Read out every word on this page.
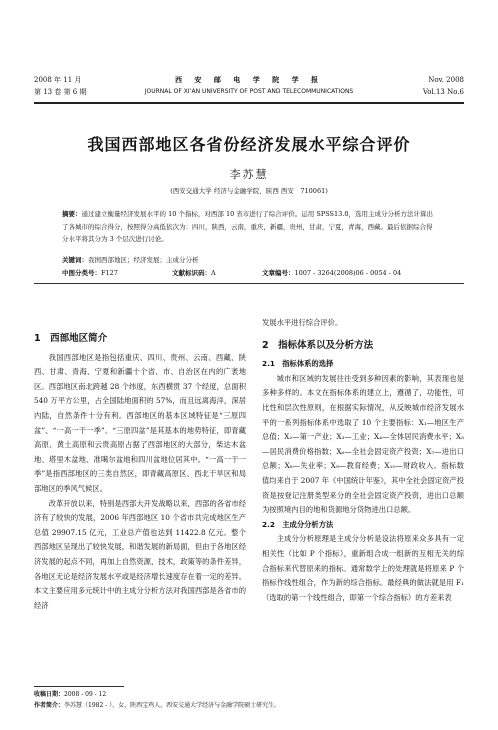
2008 年 11 月
第 13 卷 第 6 期
西 安 邮 电 学 院 学 报
JOURNAL OF XI’AN UNIVERSITY OF POST AND TELECOMMUNICATIONS
Nov. 2008
Vol.13 No.6
我国西部地区各省份经济发展水平综合评价
李苏慧
(西安交通大学 经济与金融学院，陕西 西安　710061)
摘要：通过建立衡量经济发展水平的 10 个指标，对西部 10 省市进行了综合评价。运用 SPSS13.0，选用主成分分析方法计算出了各城市的综合得分，按照得分高低依次为：四川，陕西，云南，重庆，新疆，贵州，甘肃，宁夏，青海，西藏。最后依据综合得分水平将其分为 3 个层次进行讨论。
关键词：我国西部地区；经济发展；主成分分析
中图分类号：F127	文献标识码：A	文章编号：1007 - 3264(2008)06 - 0054 - 04
1　西部地区简介
我国西部地区是指包括重庆、四川、贵州、云南、西藏、陕西、甘肃、青海、宁夏和新疆十个省、市、自治区在内的广袤地区。西部地区南北跨越 28 个纬度，东西横贯 37 个经度，总面积 540 万平方公里，占全国陆地面积的 57%，而且远离海洋，深居内陆，自然条件十分有利。西部地区的基本区域特征是“三原四盆”、“一高一干一季”。“三原四盆”是其基本的地势特征，即青藏高原、黄土高原和云贵高原占据了西部地区的大部分，柴达木盆地、塔里木盆地、准噶尔盆地和四川盆地位居其中。“一高一干一季”是指西部地区的三类自然区，即青藏高原区、西北干旱区和局部地区的季风气候区。
改革开放以来，特别是西部大开发战略以来，西部的各省市经济有了较快的发展，2006 年西部地区 10 个省市共完成地区生产总值 29907.15 亿元，工业总产值也达到 11422.8 亿元。整个西部地区呈现出了较快发展，和谐发展的新局面，但由于各地区经济发展的起点不同，再加上自然资源，技术，政策等的条件差异，各地区无论是经济发展水平或是经济增长速度存在着一定的差异。本文主要应用多元统计中的主成分分析方法对我国西部是各省市的经济
发展水平进行综合评价。
2　指标体系以及分析方法
2.1　指标体系的选择
城市和区域的发展往往受到多种因素的影响，其表现也是多种多样的。本文在指标体系的建立上，遵循了，功能性，可比性和层次性原则，在根据实际情况，从反映城市经济发展水平的一系列指标体系中选取了 10 个主要指标：X₁—地区生产总值；X₂—第一产业；X₃—工业；X₄—全体居民消费水平；X₅—居民消费价格指数；X₆—全社会固定资产投资；X₇—进出口总额；X₈—失业率；X₉—教育经费；X₁₀—财政收入。指标数值均来自于 2007 年《中国统计年鉴》，其中全社会固定资产投资是按登记注册类型来分的全社会固定资产投资，进出口总额为按照境内目的地和货源地分货物进出口总额。
2.2　主成分分析方法
主成分分析原理是主成分分析是设法将原来众多具有一定相关性（比如 P 个指标），重新组合成一组新的互相无关的综合指标来代替原来的指标。通常数学上的处理就是将原来 P 个指标作线性组合，作为新的综合指标。最经典的做法就是用 F₁（选取的第一个线性组合，即第一个综合指标）的方差来表
收稿日期：2008 - 09 - 12
作者简介：李苏慧（1982 - ），女，陕西宝鸡人，西安交通大学经济与金融学院硕士研究生。
